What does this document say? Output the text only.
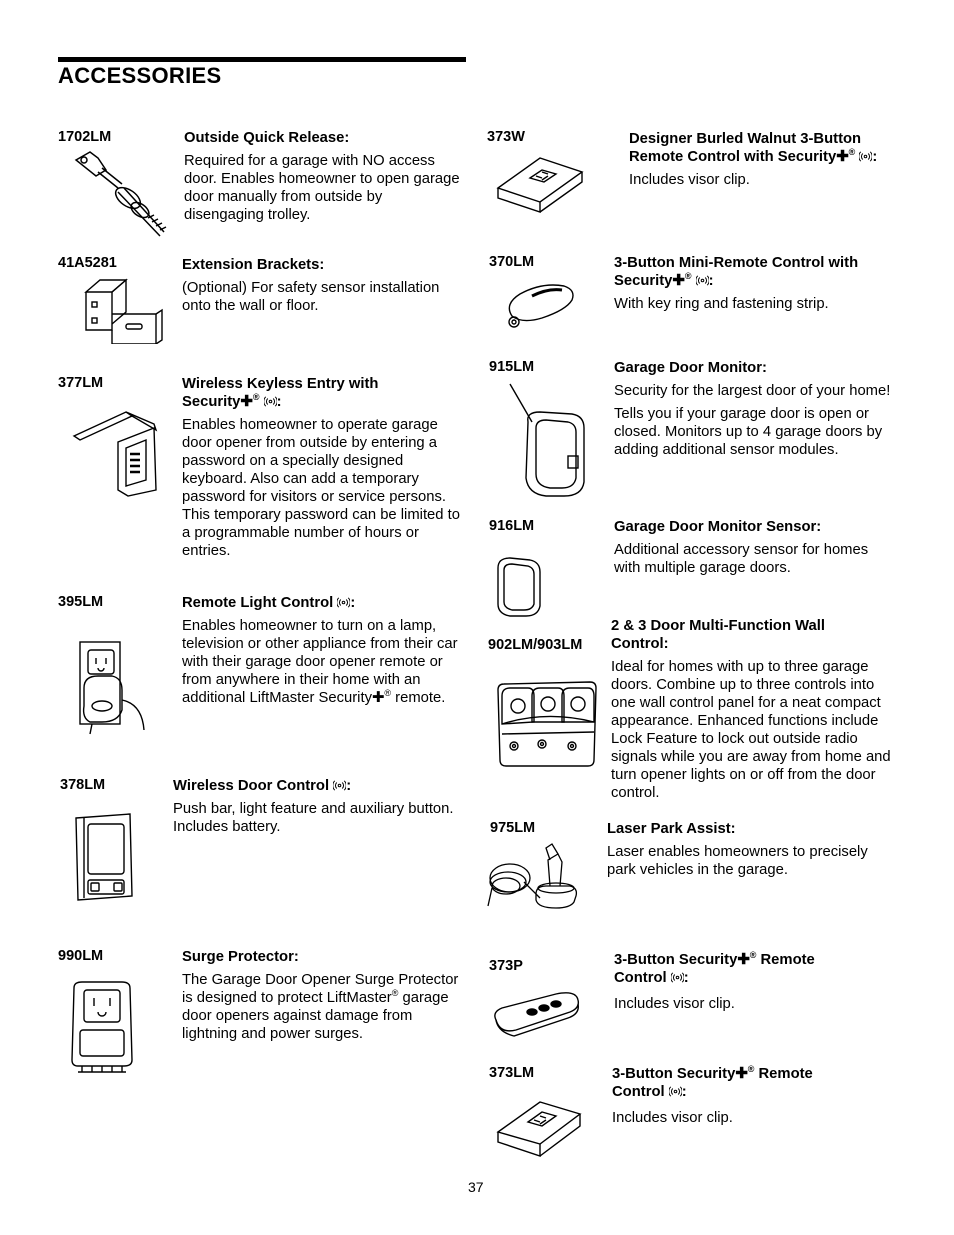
ACCESSORIES
1702LM	Outside Quick Release:

Required for a garage with NO access door. Enables homeowner to open garage door manually from outside by disengaging trolley.

41A5281	Extension Brackets:

(Optional) For safety sensor installation onto the wall or floor.

377LM	Wireless Keyless Entry with
Security✚® :

Enables homeowner to operate garage door opener from outside by entering a password on a specially designed keyboard. Also can add a temporary password for visitors or service persons. This temporary password can be limited to a programmable number of hours or entries.

395LM	Remote Light Control :

Enables homeowner to turn on a lamp, television or other appliance from their car with their garage door opener remote or from anywhere in their home with an additional LiftMaster Security✚® remote.

378LM	Wireless Door Control :

Push bar, light feature and auxiliary button. Includes battery.

990LM	Surge Protector:

The Garage Door Opener Surge Protector is designed to protect LiftMaster® garage door openers against damage from lightning and power surges.

373W	Designer Burled Walnut 3-Button
Remote Control with Security✚® :

Includes visor clip.

370LM	3-Button Mini-Remote Control with
Security✚® :

With key ring and fastening strip.

915LM	Garage Door Monitor:

Security for the largest door of your home!

Tells you if your garage door is open or closed. Monitors up to 4 garage doors by adding additional sensor modules.

916LM	Garage Door Monitor Sensor:

Additional accessory sensor for homes with multiple garage doors.

902LM/903LM
2 & 3 Door Multi-Function Wall
Control:

Ideal for homes with up to three garage doors. Combine up to three controls into one wall control panel for a neat compact appearance. Enhanced functions include Lock Feature to lock out outside radio signals while you are away from home and turn opener lights on or off from the door control.

975LM	Laser Park Assist:

Laser enables homeowners to precisely park vehicles in the garage.

373P	3-Button Security✚® Remote
Control :

Includes visor clip.

373LM	3-Button Security✚® Remote
Control :

Includes visor clip.

37
